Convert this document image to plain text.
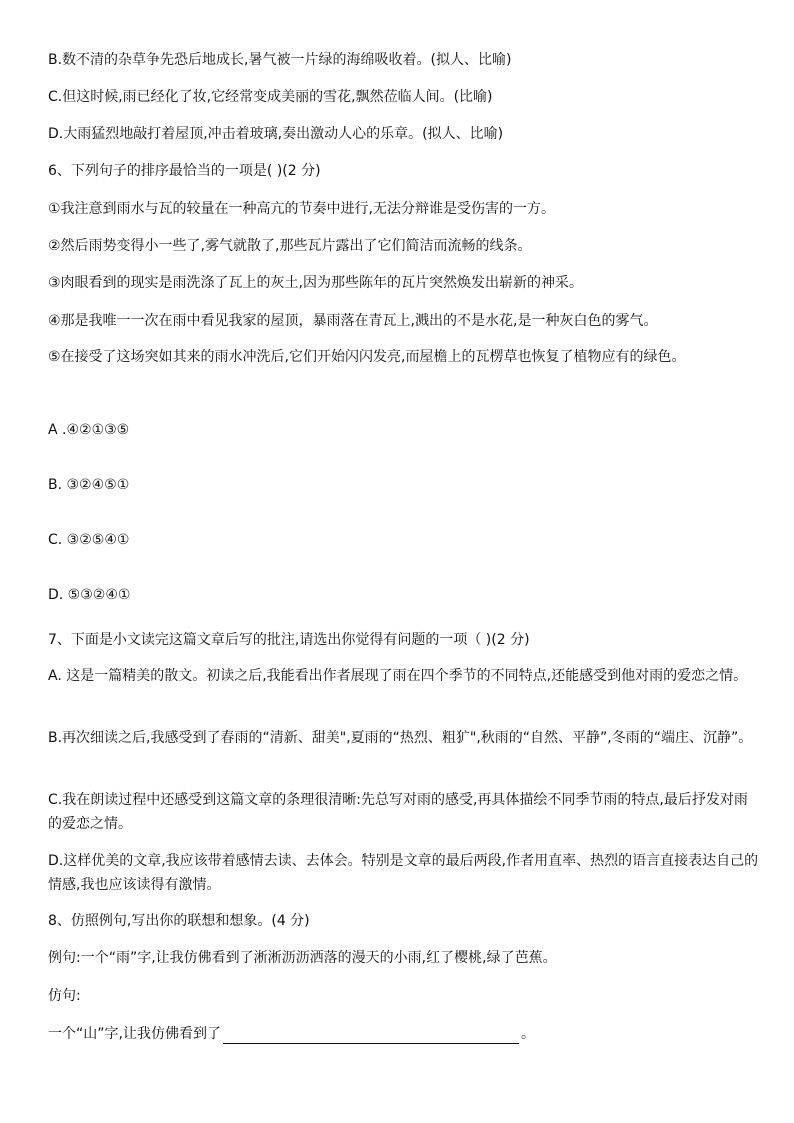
B.数不清的杂草争先恐后地成长,暑气被一片绿的海绵吸收着。(拟人、比喻)
C.但这时候,雨已经化了妆,它经常变成美丽的雪花,飘然莅临人间。(比喻)
D.大雨猛烈地敲打着屋顶,冲击着玻璃,奏出激动人心的乐章。(拟人、比喻)
6、下列句子的排序最恰当的一项是( )(2 分)
①我注意到雨水与瓦的较量在一种高亢的节奏中进行,无法分辩谁是受伤害的一方。
②然后雨势变得小一些了,雾气就散了,那些瓦片露出了它们简洁而流畅的线条。
③肉眼看到的现实是雨洗涤了瓦上的灰土,因为那些陈年的瓦片突然焕发出崭新的神采。
④那是我唯一一次在雨中看见我家的屋顶，暴雨落在青瓦上,溅出的不是水花,是一种灰白色的雾气。
⑤在接受了这场突如其来的雨水冲洗后,它们开始闪闪发亮,而屋檐上的瓦楞草也恢复了植物应有的绿色。
A .④②①③⑤
B. ③②④⑤①
C. ③②⑤④①
D. ⑤③②④①
7、下面是小文读完这篇文章后写的批注,请选出你觉得有问题的一项（ )(2 分)
A. 这是一篇精美的散文。初读之后,我能看出作者展现了雨在四个季节的不同特点,还能感受到他对雨的爱恋之情。
B.再次细读之后,我感受到了春雨的“清新、甜美",夏雨的“热烈、粗犷",秋雨的“自然、平静”,冬雨的“端庄、沉静”。
C.我在朗读过程中还感受到这篇文章的条理很清晰:先总写对雨的感受,再具体描绘不同季节雨的特点,最后抒发对雨的爱恋之情。
D.这样优美的文章,我应该带着感情去读、去体会。特别是文章的最后两段,作者用直率、热烈的语言直接表达自己的情感,我也应该读得有激情。
8、仿照例句,写出你的联想和想象。(4 分)
例句:一个“雨”字,让我仿佛看到了淅淅沥沥洒落的漫天的小雨,红了樱桃,绿了芭蕉。
仿句:
一个“山”字,让我仿佛看到了	。
